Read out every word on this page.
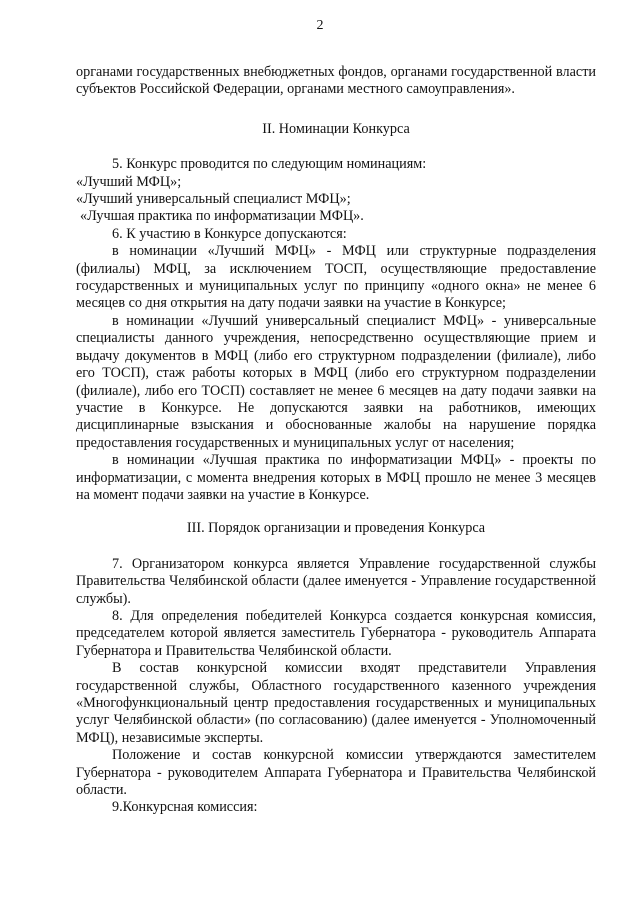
2

органами государственных внебюджетных фондов, органами государственной власти субъектов Российской Федерации, органами местного самоуправления».

II. Номинации Конкурса

5. Конкурс проводится по следующим номинациям:

«Лучший МФЦ»;

«Лучший универсальный специалист МФЦ»;

«Лучшая практика по информатизации МФЦ».

6. К участию в Конкурсе допускаются:

в номинации «Лучший МФЦ» - МФЦ или структурные подразделения (филиалы) МФЦ, за исключением ТОСП, осуществляющие предоставление государственных и муниципальных услуг по принципу «одного окна» не менее 6 месяцев со дня открытия на дату подачи заявки на участие в Конкурсе;

в номинации «Лучший универсальный специалист МФЦ» - универсальные специалисты данного учреждения, непосредственно осуществляющие прием и выдачу документов в МФЦ (либо его структурном подразделении (филиале), либо его ТОСП), стаж работы которых в МФЦ (либо его структурном подразделении (филиале), либо его ТОСП) составляет не менее 6 месяцев на дату подачи заявки на участие в Конкурсе. Не допускаются заявки на работников, имеющих дисциплинарные взыскания и обоснованные жалобы на нарушение порядка предоставления государственных и муниципальных услуг от населения;

в номинации «Лучшая практика по информатизации МФЦ» - проекты по информатизации, с момента внедрения которых в МФЦ прошло не менее 3 месяцев на момент подачи заявки на участие в Конкурсе.

III. Порядок организации и проведения Конкурса

7. Организатором конкурса является Управление государственной службы Правительства Челябинской области (далее именуется - Управление государственной службы).

8. Для определения победителей Конкурса создается конкурсная комиссия, председателем которой является заместитель Губернатора - руководитель Аппарата Губернатора и Правительства Челябинской области.

В состав конкурсной комиссии входят представители Управления государственной службы, Областного государственного казенного учреждения «Многофункциональный центр предоставления государственных и муниципальных услуг Челябинской области» (по согласованию) (далее именуется - Уполномоченный МФЦ), независимые эксперты.

Положение и состав конкурсной комиссии утверждаются заместителем Губернатора - руководителем Аппарата Губернатора и Правительства Челябинской области.

9.Конкурсная комиссия:
